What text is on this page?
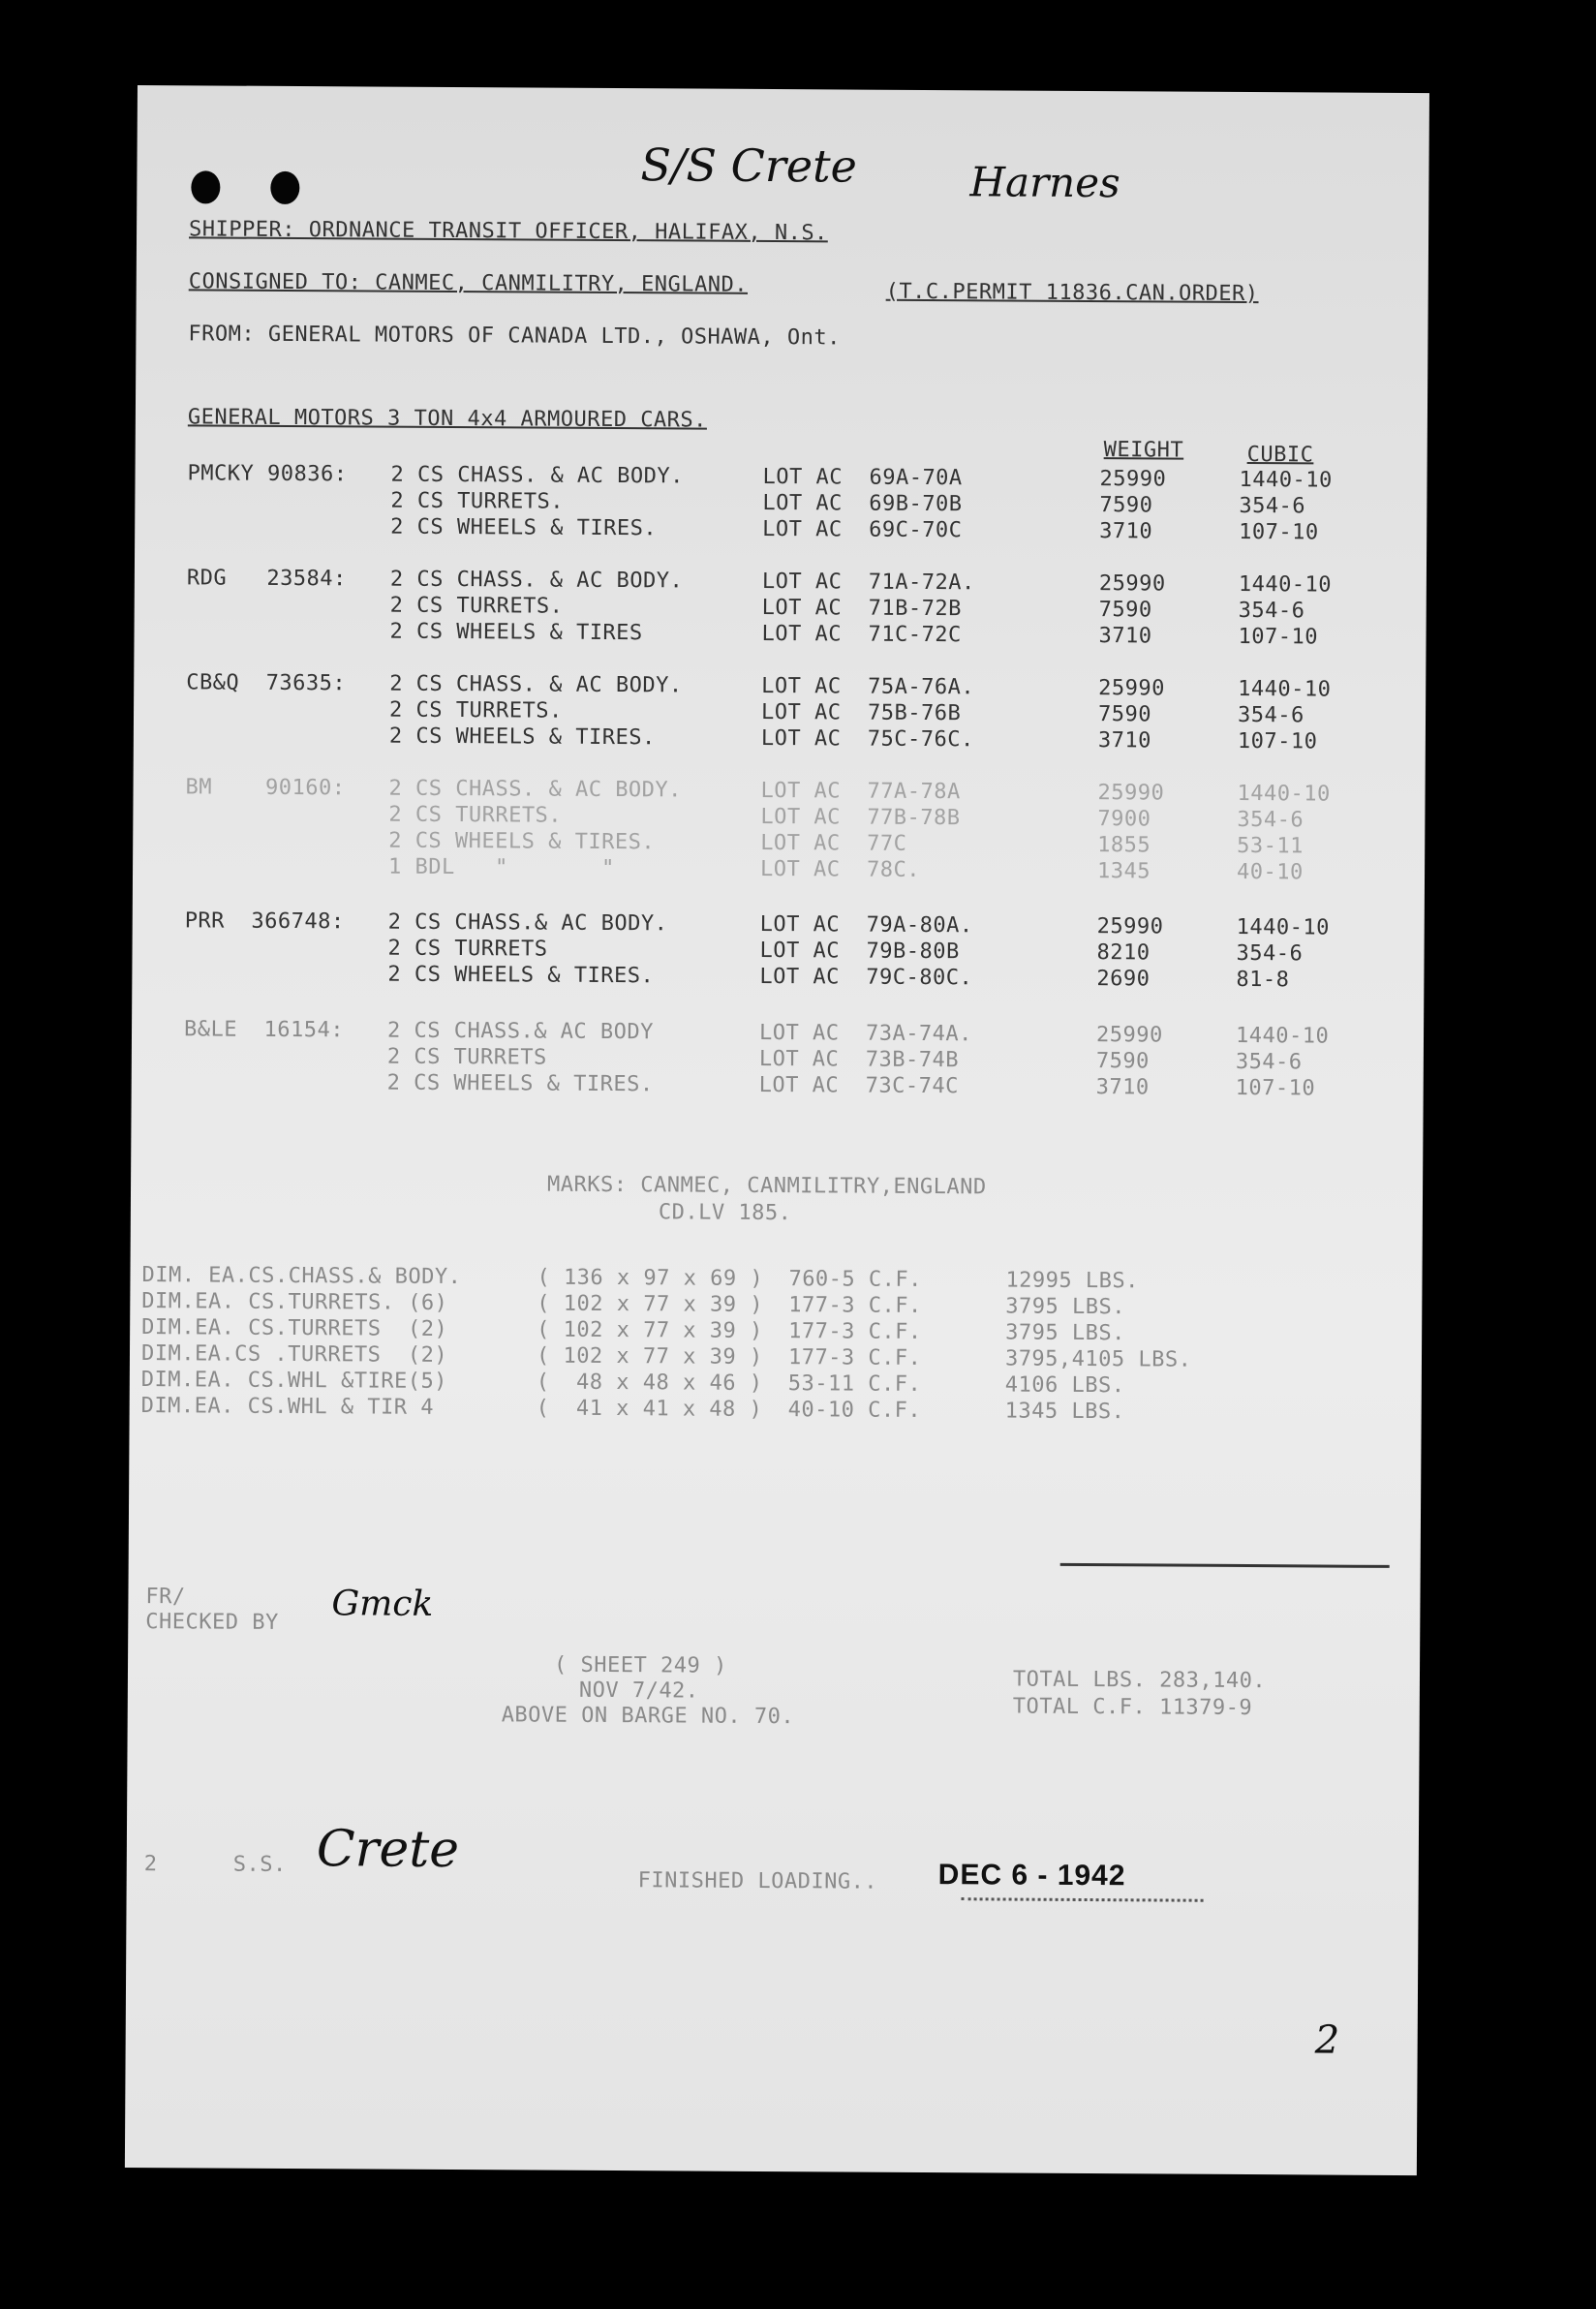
S/S Crete	Harnes
SHIPPER: ORDNANCE TRANSIT OFFICER, HALIFAX, N.S.
CONSIGNED TO: CANMEC, CANMILITRY, ENGLAND.	(T.C.PERMIT 11836.CAN.ORDER)
FROM: GENERAL MOTORS OF CANADA LTD., OSHAWA, Ont.
GENERAL MOTORS 3 TON 4x4 ARMOURED CARS.
WEIGHT	CUBIC
PMCKY 90836: 2 CS CHASS. & AC BODY.	LOT AC  69A-70A	25990	1440-10
2 CS TURRETS.	LOT AC  69B-70B	7590	354-6
2 CS WHEELS & TIRES.	LOT AC  69C-70C	3710	107-10
RDG   23584: 2 CS CHASS. & AC BODY.	LOT AC  71A-72A.	25990	1440-10
2 CS TURRETS.	LOT AC  71B-72B	7590	354-6
2 CS WHEELS & TIRES	LOT AC  71C-72C	3710	107-10
CB&Q  73635: 2 CS CHASS. & AC BODY.	LOT AC  75A-76A.	25990	1440-10
2 CS TURRETS.	LOT AC  75B-76B	7590	354-6
2 CS WHEELS & TIRES.	LOT AC  75C-76C.	3710	107-10
BM    90160: 2 CS CHASS. & AC BODY.	LOT AC  77A-78A	25990	1440-10
2 CS TURRETS.	LOT AC  77B-78B	7900	354-6
2 CS WHEELS & TIRES.	LOT AC  77C	1855	53-11
1 BDL   "       "	LOT AC  78C.	1345	40-10
PRR  366748: 2 CS CHASS.& AC BODY.	LOT AC  79A-80A.	25990	1440-10
2 CS TURRETS	LOT AC  79B-80B	8210	354-6
2 CS WHEELS & TIRES.	LOT AC  79C-80C.	2690	81-8
B&LE  16154: 2 CS CHASS.& AC BODY	LOT AC  73A-74A.	25990	1440-10
2 CS TURRETS	LOT AC  73B-74B	7590	354-6
2 CS WHEELS & TIRES.	LOT AC  73C-74C	3710	107-10
MARKS: CANMEC, CANMILITRY,ENGLAND
CD.LV 185.
DIM. EA.CS.CHASS.& BODY.	( 136 x 97 x 69 ) 760-5 C.F.	12995 LBS.
DIM.EA. CS.TURRETS. (6)	( 102 x 77 x 39 ) 177-3 C.F.	3795 LBS.
DIM.EA. CS.TURRETS  (2)	( 102 x 77 x 39 ) 177-3 C.F.	3795 LBS.
DIM.EA.CS .TURRETS  (2)	( 102 x 77 x 39 ) 177-3 C.F.	3795,4105 LBS.
DIM.EA. CS.WHL &TIRE(5)	(  48 x 48 x 46 ) 53-11 C.F.	4106 LBS.
DIM.EA. CS.WHL & TIR 4	(  41 x 41 x 48 ) 40-10 C.F.	1345 LBS.
FR/
CHECKED BY Gmck
( SHEET 249 )
NOV 7/42.
ABOVE ON BARGE NO. 70.
TOTAL LBS. 283,140.
TOTAL C.F. 11379-9
2	S.S. Crete
FINISHED LOADING.. DEC 6 - 1942
2
